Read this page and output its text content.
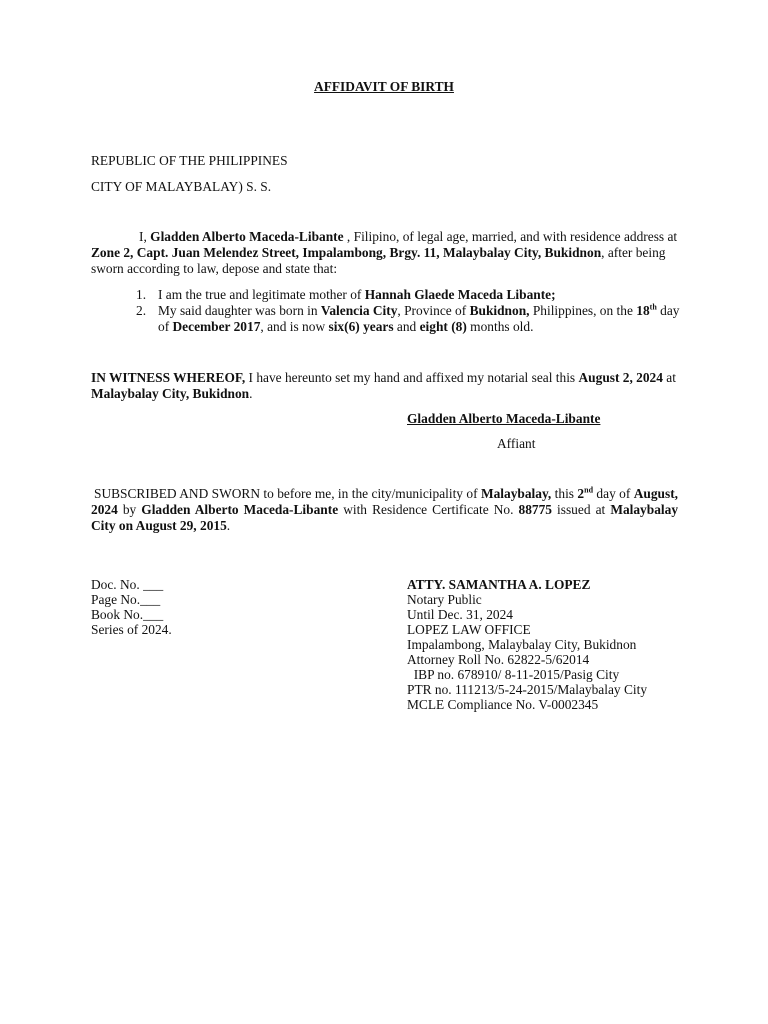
AFFIDAVIT OF BIRTH
REPUBLIC OF THE PHILIPPINES
CITY OF MALAYBALAY) S. S.
I, Gladden Alberto Maceda-Libante , Filipino, of legal age, married, and with residence address at Zone 2, Capt. Juan Melendez Street, Impalambong, Brgy. 11, Malaybalay City, Bukidnon, after being sworn according to law, depose and state that:
1. I am the true and legitimate mother of Hannah Glaede Maceda Libante;
2. My said daughter was born in Valencia City, Province of Bukidnon, Philippines, on the 18th day of December 2017, and is now six(6) years and eight (8) months old.
IN WITNESS WHEREOF, I have hereunto set my hand and affixed my notarial seal this August 2, 2024 at Malaybalay City, Bukidnon.
Gladden Alberto Maceda-Libante
Affiant
SUBSCRIBED AND SWORN to before me, in the city/municipality of Malaybalay, this 2nd day of August, 2024 by Gladden Alberto Maceda-Libante with Residence Certificate No. 88775 issued at Malaybalay City on August 29, 2015.
Doc. No. ___
Page No.___
Book No.___
Series of 2024.
ATTY. SAMANTHA A. LOPEZ
Notary Public
Until Dec. 31, 2024
LOPEZ LAW OFFICE
Impalambong, Malaybalay City, Bukidnon
Attorney Roll No. 62822-5/62014
IBP no. 678910/ 8-11-2015/Pasig City
PTR no. 111213/5-24-2015/Malaybalay City
MCLE Compliance No. V-0002345
